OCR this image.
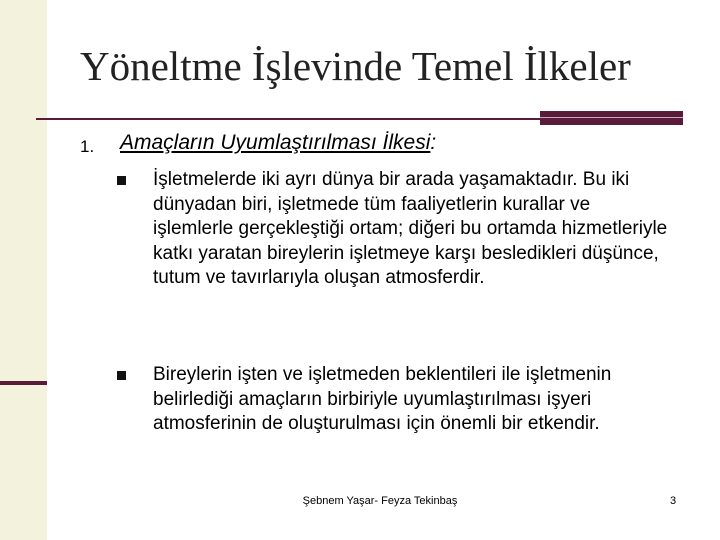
Yöneltme İşlevinde Temel İlkeler
1. Amaçların Uyumlaştırılması İlkesi:
İşletmelerde iki ayrı dünya bir arada yaşamaktadır. Bu iki dünyadan biri, işletmede tüm faaliyetlerin kurallar ve işlemlerle gerçekleştiği ortam; diğeri bu ortamda hizmetleriyle katkı yaratan bireylerin işletmeye karşı besledikleri düşünce, tutum ve tavırlarıyla oluşan atmosferdir.
Bireylerin işten ve işletmeden beklentileri ile işletmenin belirlediği amaçların birbiriyle uyumlaştırılması işyeri atmosferinin de oluşturulması için önemli bir etkendir.
Şebnem Yaşar- Feyza Tekinbaş	3
